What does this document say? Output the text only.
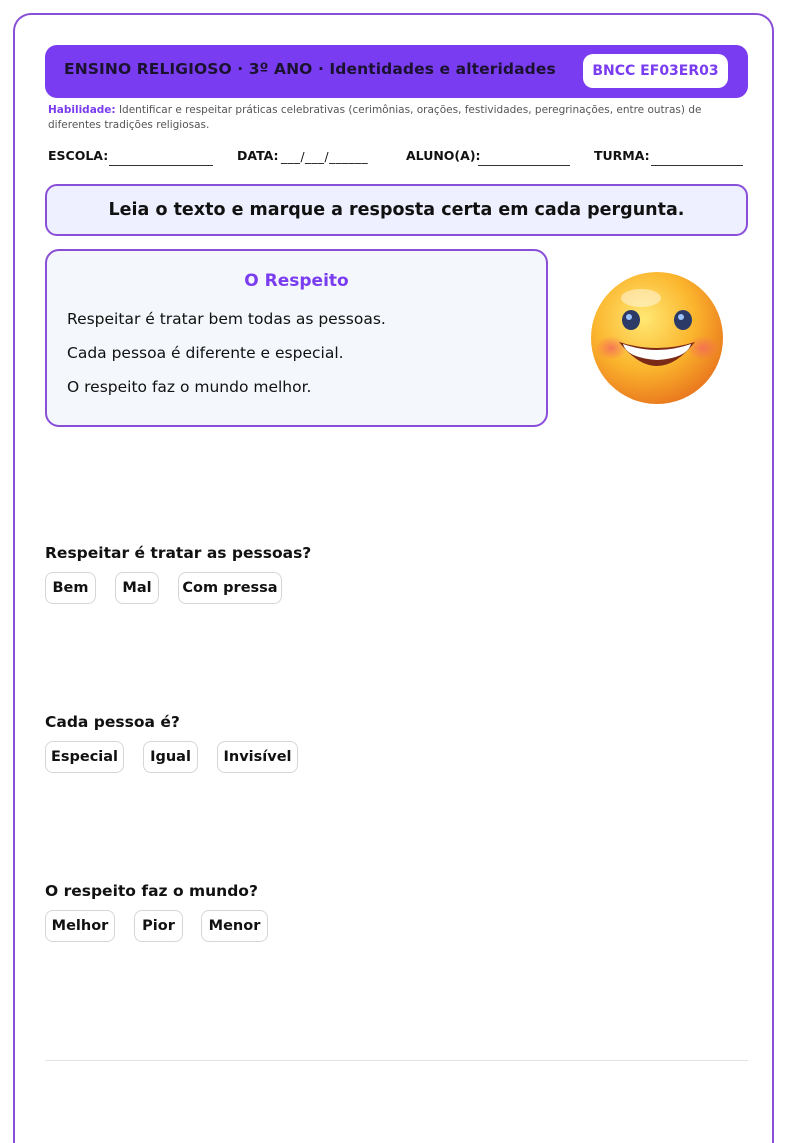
ENSINO RELIGIOSO · 3º ANO · Identidades e alteridades	BNCC EF03ER03
Habilidade: Identificar e respeitar práticas celebrativas (cerimônias, orações, festividades, peregrinações, entre outras) de diferentes tradições religiosas.
ESCOLA:	DATA: ___/___/______	ALUNO(A):	TURMA:
Leia o texto e marque a resposta certa em cada pergunta.
O Respeito
Respeitar é tratar bem todas as pessoas.
Cada pessoa é diferente e especial.
O respeito faz o mundo melhor.
Respeitar é tratar as pessoas?
Bem	Mal	Com pressa
Cada pessoa é?
Especial	Igual	Invisível
O respeito faz o mundo?
Melhor	Pior	Menor
